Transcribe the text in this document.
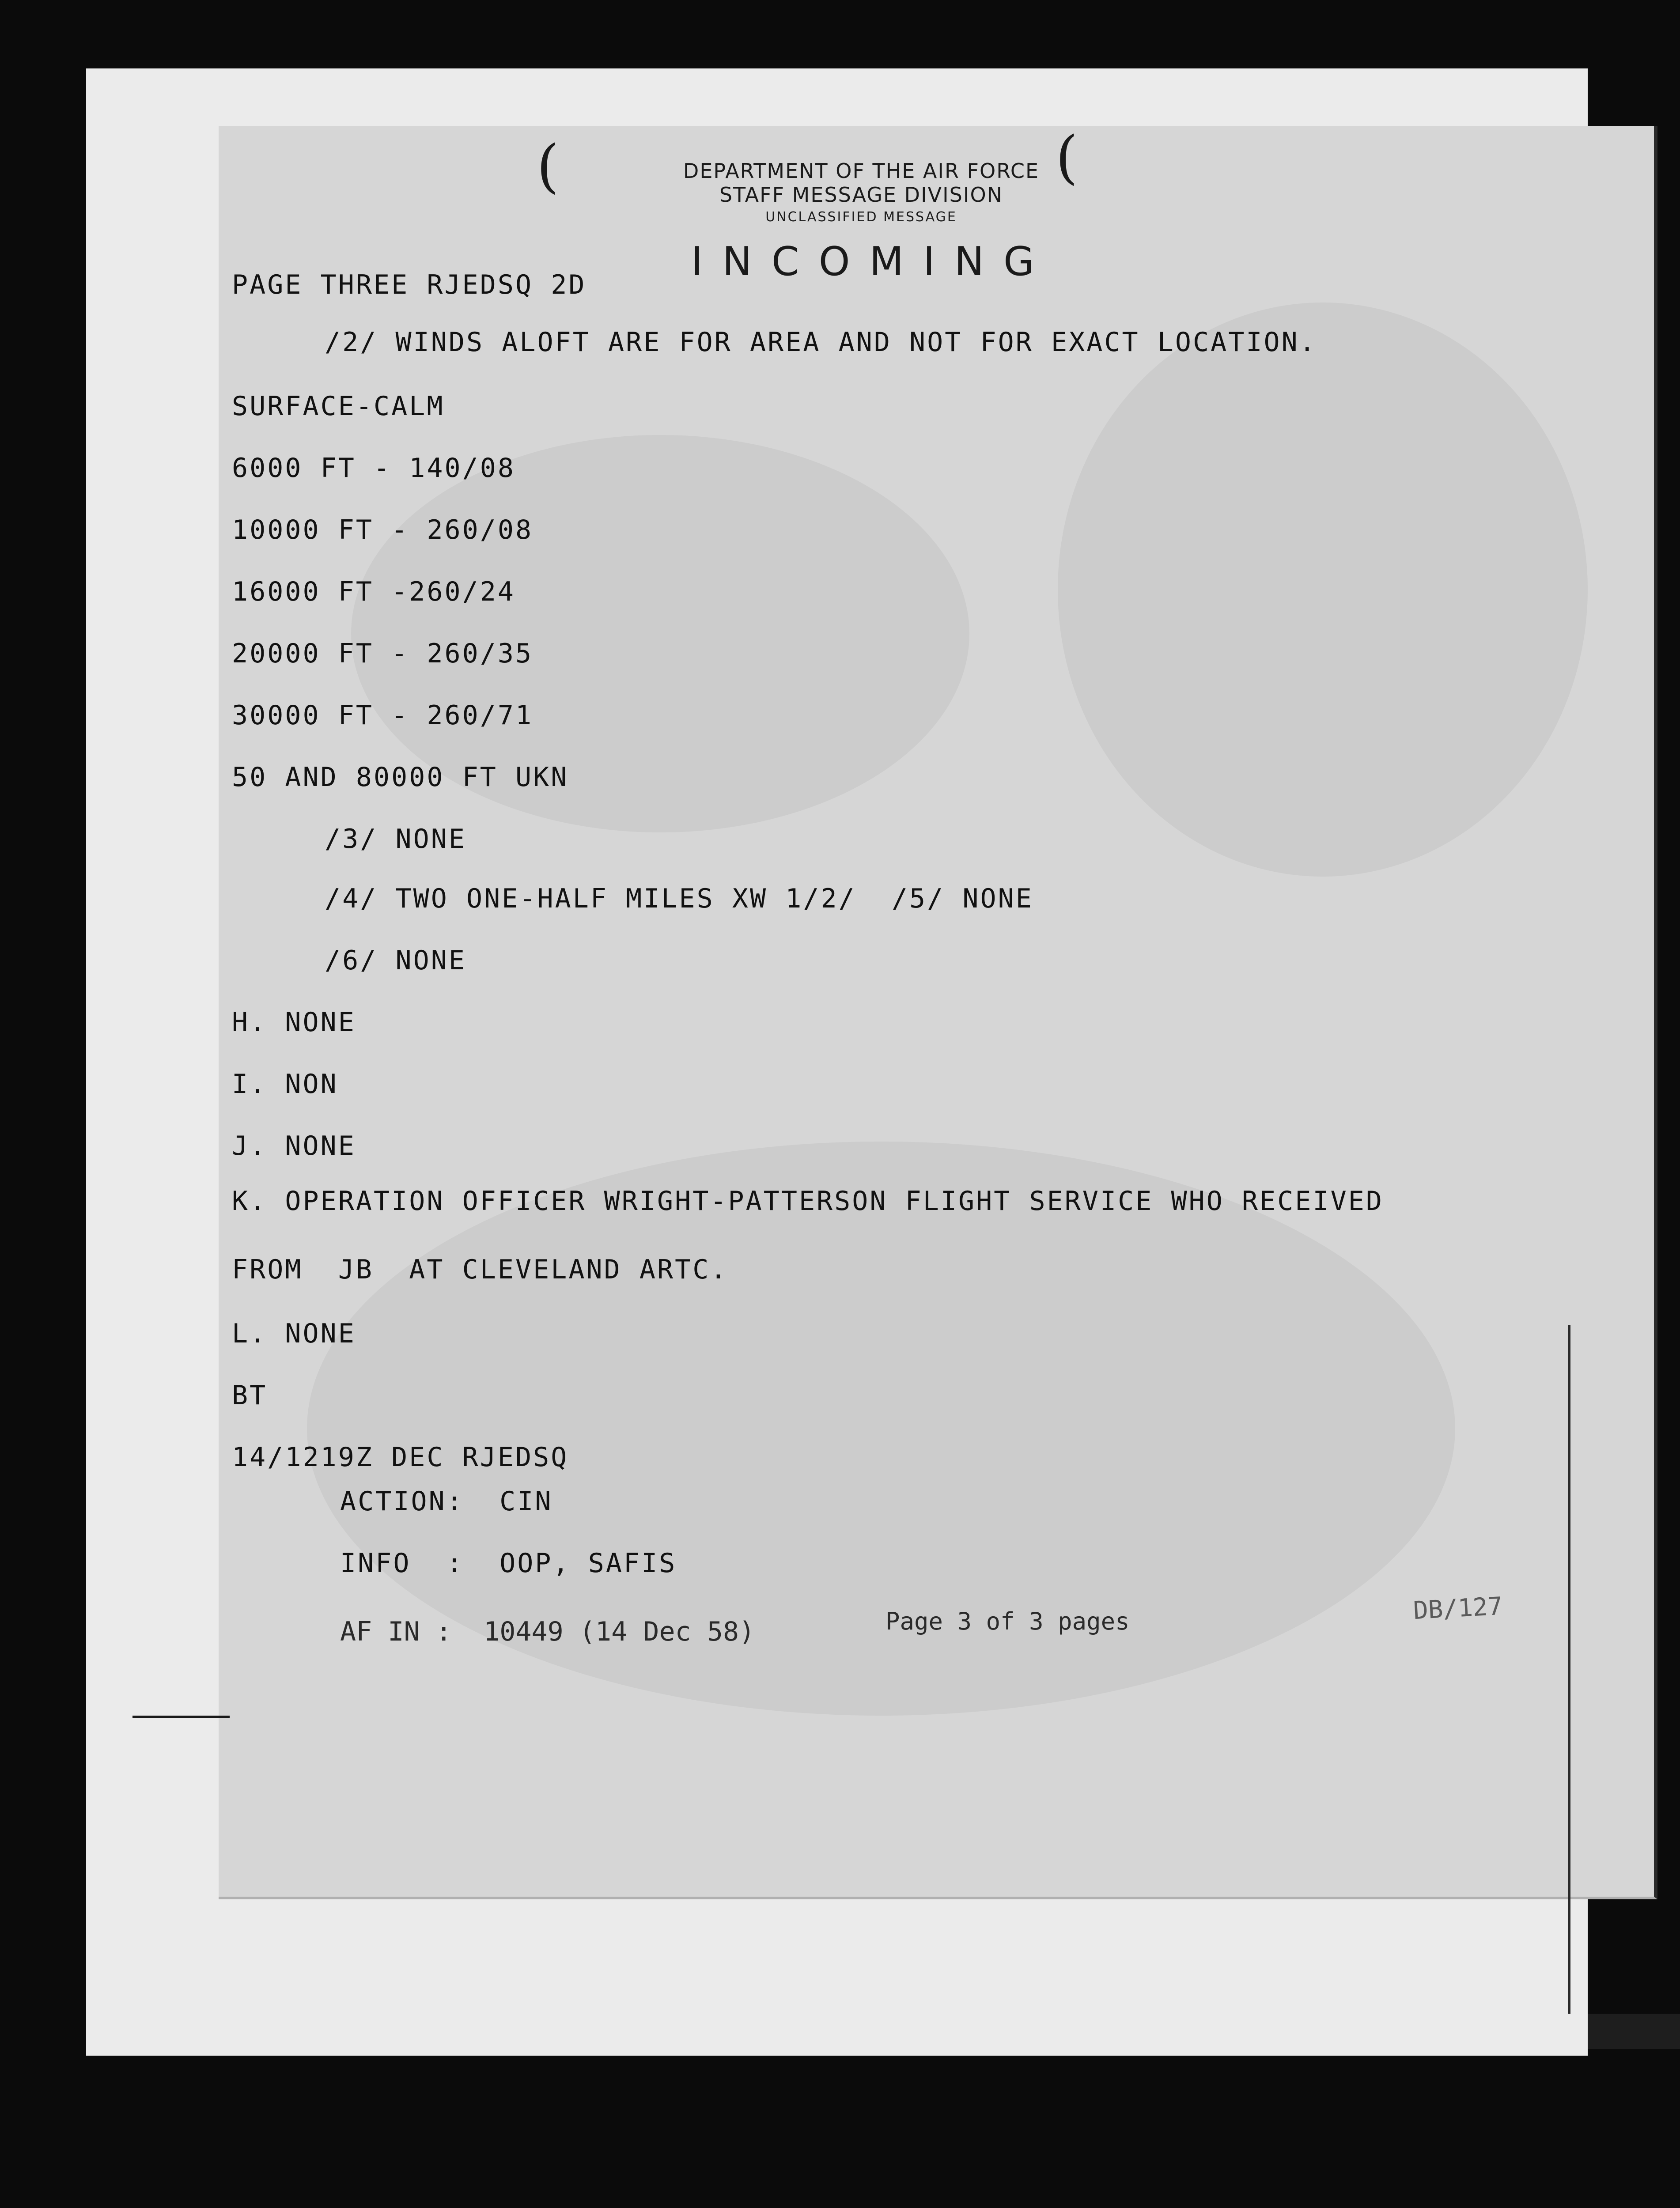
(	(
DEPARTMENT OF THE AIR FORCE
STAFF MESSAGE DIVISION
UNCLASSIFIED MESSAGE
INCOMING
PAGE THREE RJEDSQ 2D
/2/ WINDS ALOFT ARE FOR AREA AND NOT FOR EXACT LOCATION.
SURFACE-CALM
6000 FT - 140/08
10000 FT - 260/08
16000 FT -260/24
20000 FT - 260/35
30000 FT - 260/71
50 AND 80000 FT UKN
/3/ NONE
/4/ TWO ONE-HALF MILES XW 1/2/  /5/ NONE
/6/ NONE
H. NONE
I. NON
J. NONE
K. OPERATION OFFICER WRIGHT-PATTERSON FLIGHT SERVICE WHO RECEIVED
FROM  JB  AT CLEVELAND ARTC.
L. NONE
BT
14/1219Z DEC RJEDSQ
ACTION:  CIN
INFO  :  OOP, SAFIS
AF IN :  10449 (14 Dec 58)	Page 3 of 3 pages	DB/127
